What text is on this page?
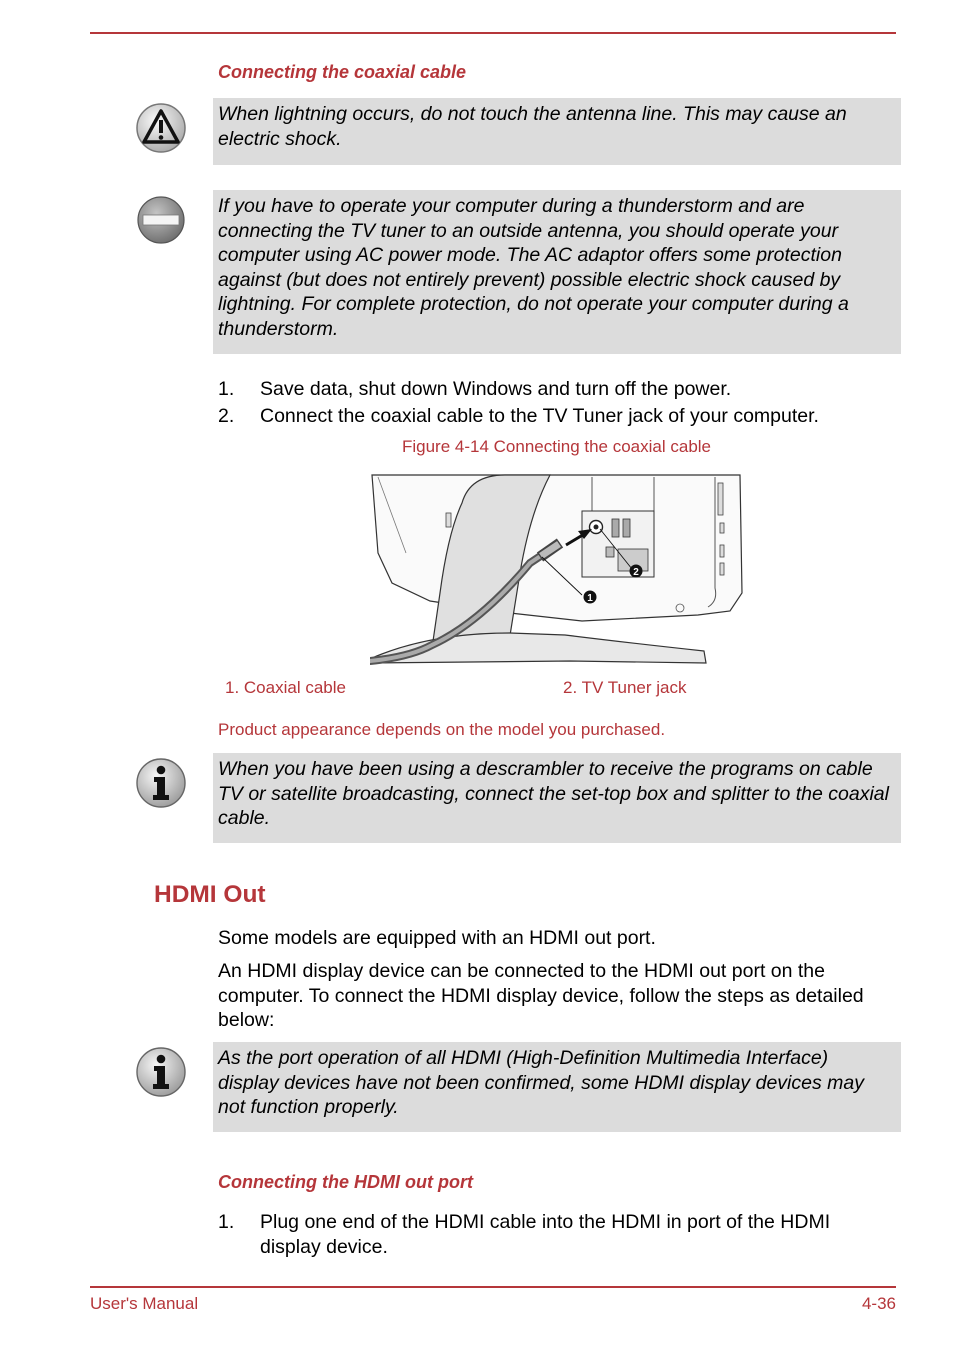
Connecting the coaxial cable
When lightning occurs, do not touch the antenna line. This may cause an electric shock.
If you have to operate your computer during a thunderstorm and are connecting the TV tuner to an outside antenna, you should operate your computer using AC power mode. The AC adaptor offers some protection against (but does not entirely prevent) possible electric shock caused by lightning. For complete protection, do not operate your computer during a thunderstorm.
1. Save data, shut down Windows and turn off the power.
2. Connect the coaxial cable to the TV Tuner jack of your computer.

Figure 4-14 Connecting the coaxial cable

1
2

1. Coaxial cable	2. TV Tuner jack

Product appearance depends on the model you purchased.

When you have been using a descrambler to receive the programs on cable TV or satellite broadcasting, connect the set-top box and splitter to the coaxial cable.
HDMI Out

Some models are equipped with an HDMI out port.

An HDMI display device can be connected to the HDMI out port on the computer. To connect the HDMI display device, follow the steps as detailed below:

As the port operation of all HDMI (High-Definition Multimedia Interface) display devices have not been confirmed, some HDMI display devices may not function properly.
Connecting the HDMI out port
1. Plug one end of the HDMI cable into the HDMI in port of the HDMI display device.
User's Manual	4-36
